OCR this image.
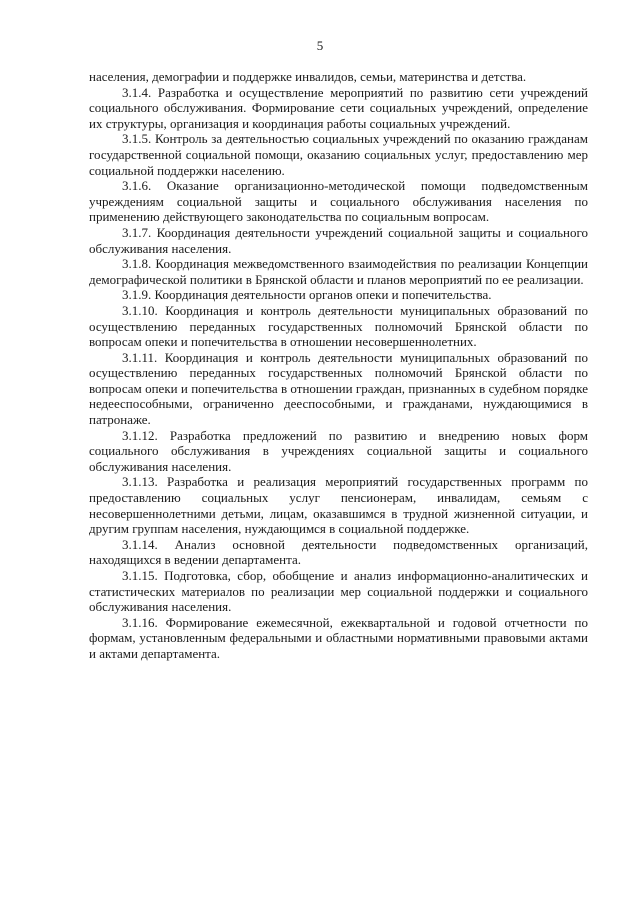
5

населения, демографии и поддержке инвалидов, семьи, материнства и детства.

3.1.4. Разработка и осуществление мероприятий по развитию сети учреждений социального обслуживания. Формирование сети социальных учреждений, определение их структуры, организация и координация работы социальных учреждений.

3.1.5. Контроль за деятельностью социальных учреждений по оказанию гражданам государственной социальной помощи, оказанию социальных услуг, предоставлению мер социальной поддержки населению.

3.1.6. Оказание организационно-методической помощи подведомственным учреждениям социальной защиты и социального обслуживания населения по применению действующего законодательства по социальным вопросам.

3.1.7. Координация деятельности учреждений социальной защиты и социального обслуживания населения.

3.1.8. Координация межведомственного взаимодействия по реализации Концепции демографической политики в Брянской области и планов мероприятий по ее реализации.

3.1.9. Координация деятельности органов опеки и попечительства.

3.1.10. Координация и контроль деятельности муниципальных образований по осуществлению переданных государственных полномочий Брянской области по вопросам опеки и попечительства в отношении несовершеннолетних.

3.1.11. Координация и контроль деятельности муниципальных образований по осуществлению переданных государственных полномочий Брянской области по вопросам опеки и попечительства в отношении граждан, признанных в судебном порядке недееспособными, ограниченно дееспособными, и гражданами, нуждающимися в патронаже.

3.1.12. Разработка предложений по развитию и внедрению новых форм социального обслуживания в учреждениях социальной защиты и социального обслуживания населения.

3.1.13. Разработка и реализация мероприятий государственных программ по предоставлению социальных услуг пенсионерам, инвалидам, семьям с несовершеннолетними детьми, лицам, оказавшимся в трудной жизненной ситуации, и другим группам населения, нуждающимся в социальной поддержке.

3.1.14. Анализ основной деятельности подведомственных организаций, находящихся в ведении департамента.

3.1.15. Подготовка, сбор, обобщение и анализ информационно-аналитических и статистических материалов по реализации мер социальной поддержки и социального обслуживания населения.

3.1.16. Формирование ежемесячной, ежеквартальной и годовой отчетности по формам, установленным федеральными и областными нормативными правовыми актами и актами департамента.
